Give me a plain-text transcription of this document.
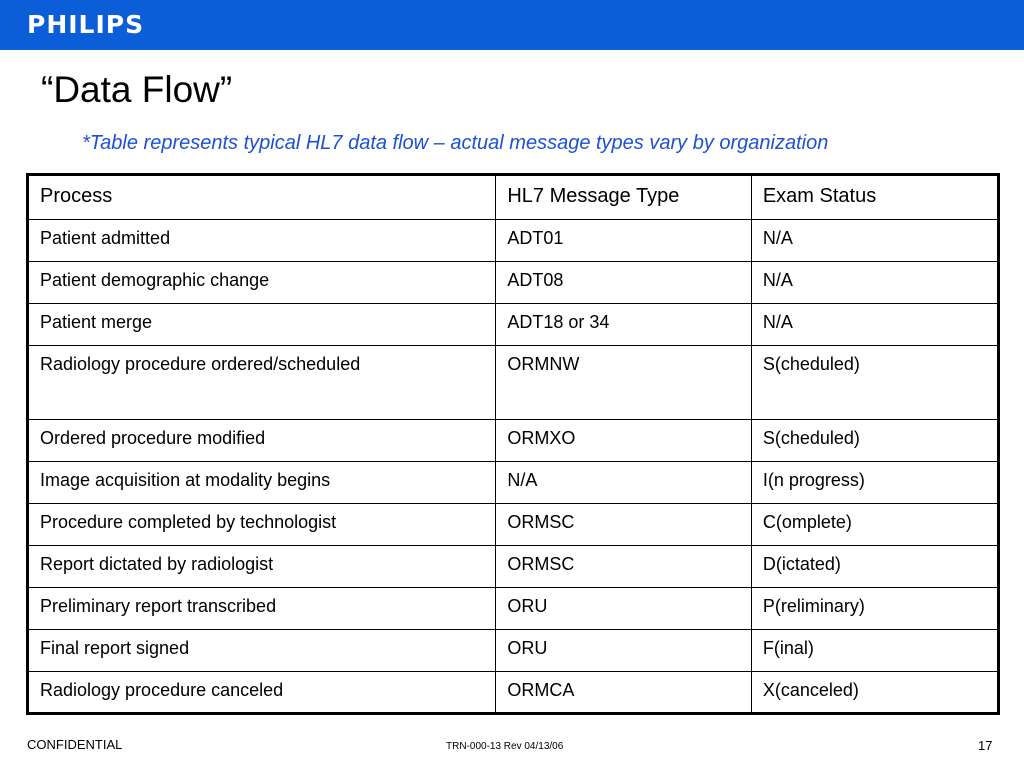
PHILIPS
“Data Flow”
*Table represents typical HL7 data flow – actual message types vary by organization
Process	HL7 Message Type	Exam Status
Patient admitted	ADT01	N/A
Patient demographic change	ADT08	N/A
Patient merge	ADT18 or 34	N/A
Radiology procedure ordered/scheduled	ORMNW	S(cheduled)
Ordered procedure modified	ORMXO	S(cheduled)
Image acquisition at modality begins	N/A	I(n progress)
Procedure completed by technologist	ORMSC	C(omplete)
Report dictated by radiologist	ORMSC	D(ictated)
Preliminary report transcribed	ORU	P(reliminary)
Final report signed	ORU	F(inal)
Radiology procedure canceled	ORMCA	X(canceled)
CONFIDENTIAL	TRN-000-13 Rev 04/13/06	17
